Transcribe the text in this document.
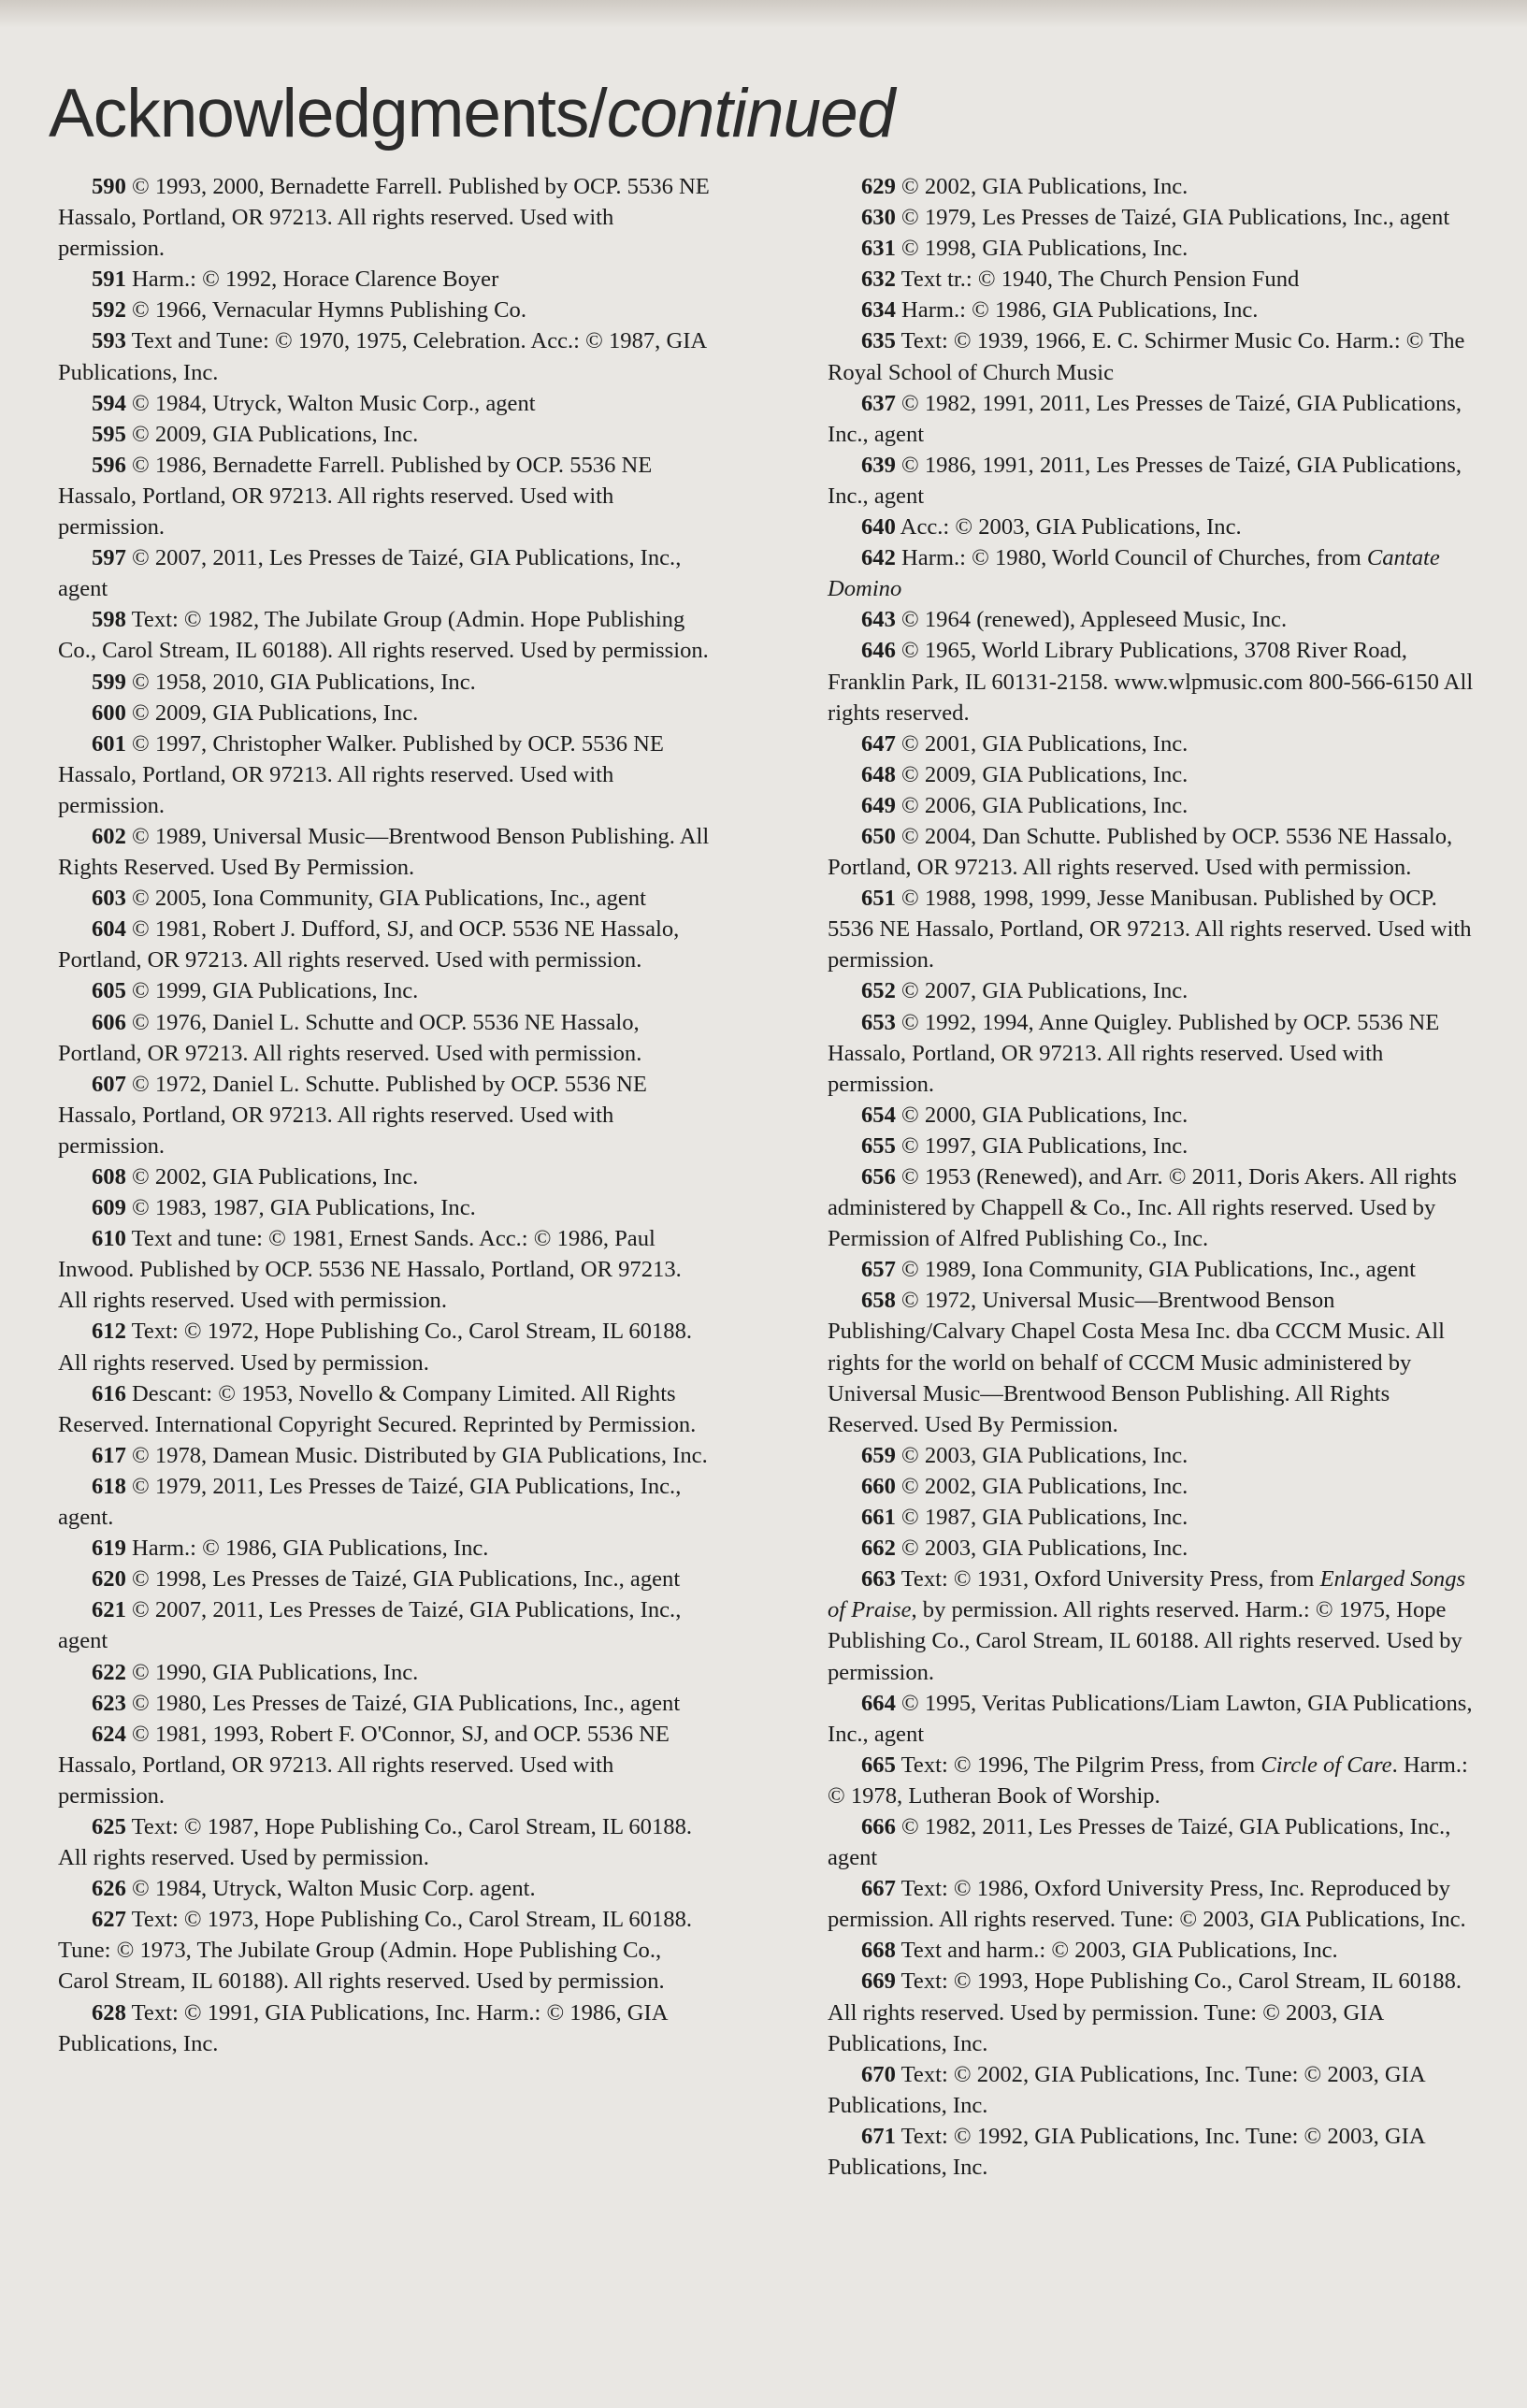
Acknowledgments/continued

590 © 1993, 2000, Bernadette Farrell. Published by OCP. 5536 NE Hassalo, Portland, OR 97213. All rights reserved. Used with permission.

591 Harm.: © 1992, Horace Clarence Boyer

592 © 1966, Vernacular Hymns Publishing Co.

593 Text and Tune: © 1970, 1975, Celebration. Acc.: © 1987, GIA Publications, Inc.

594 © 1984, Utryck, Walton Music Corp., agent

595 © 2009, GIA Publications, Inc.

596 © 1986, Bernadette Farrell. Published by OCP. 5536 NE Hassalo, Portland, OR 97213. All rights reserved. Used with permission.

597 © 2007, 2011, Les Presses de Taizé, GIA Publications, Inc., agent

598 Text: © 1982, The Jubilate Group (Admin. Hope Publishing Co., Carol Stream, IL 60188). All rights reserved. Used by permission.

599 © 1958, 2010, GIA Publications, Inc.

600 © 2009, GIA Publications, Inc.

601 © 1997, Christopher Walker. Published by OCP. 5536 NE Hassalo, Portland, OR 97213. All rights reserved. Used with permission.

602 © 1989, Universal Music—Brentwood Benson Publishing. All Rights Reserved. Used By Permission.

603 © 2005, Iona Community, GIA Publications, Inc., agent

604 © 1981, Robert J. Dufford, SJ, and OCP. 5536 NE Hassalo, Portland, OR 97213. All rights reserved. Used with permission.

605 © 1999, GIA Publications, Inc.

606 © 1976, Daniel L. Schutte and OCP. 5536 NE Hassalo, Portland, OR 97213. All rights reserved. Used with permission.

607 © 1972, Daniel L. Schutte. Published by OCP. 5536 NE Hassalo, Portland, OR 97213. All rights reserved. Used with permission.

608 © 2002, GIA Publications, Inc.

609 © 1983, 1987, GIA Publications, Inc.

610 Text and tune: © 1981, Ernest Sands. Acc.: © 1986, Paul Inwood. Published by OCP. 5536 NE Hassalo, Portland, OR 97213. All rights reserved. Used with permission.

612 Text: © 1972, Hope Publishing Co., Carol Stream, IL 60188. All rights reserved. Used by permission.

616 Descant: © 1953, Novello & Company Limited. All Rights Reserved. International Copyright Secured. Reprinted by Permission.

617 © 1978, Damean Music. Distributed by GIA Publications, Inc.

618 © 1979, 2011, Les Presses de Taizé, GIA Publications, Inc., agent.

619 Harm.: © 1986, GIA Publications, Inc.

620 © 1998, Les Presses de Taizé, GIA Publications, Inc., agent

621 © 2007, 2011, Les Presses de Taizé, GIA Publications, Inc., agent

622 © 1990, GIA Publications, Inc.

623 © 1980, Les Presses de Taizé, GIA Publications, Inc., agent

624 © 1981, 1993, Robert F. O'Connor, SJ, and OCP. 5536 NE Hassalo, Portland, OR 97213. All rights reserved. Used with permission.

625 Text: © 1987, Hope Publishing Co., Carol Stream, IL 60188. All rights reserved. Used by permission.

626 © 1984, Utryck, Walton Music Corp. agent.

627 Text: © 1973, Hope Publishing Co., Carol Stream, IL 60188. Tune: © 1973, The Jubilate Group (Admin. Hope Publishing Co., Carol Stream, IL 60188). All rights reserved. Used by permission.

628 Text: © 1991, GIA Publications, Inc. Harm.: © 1986, GIA Publications, Inc.

629 © 2002, GIA Publications, Inc.

630 © 1979, Les Presses de Taizé, GIA Publications, Inc., agent

631 © 1998, GIA Publications, Inc.

632 Text tr.: © 1940, The Church Pension Fund

634 Harm.: © 1986, GIA Publications, Inc.

635 Text: © 1939, 1966, E. C. Schirmer Music Co. Harm.: © The Royal School of Church Music

637 © 1982, 1991, 2011, Les Presses de Taizé, GIA Publications, Inc., agent

639 © 1986, 1991, 2011, Les Presses de Taizé, GIA Publications, Inc., agent

640 Acc.: © 2003, GIA Publications, Inc.

642 Harm.: © 1980, World Council of Churches, from Cantate Domino

643 © 1964 (renewed), Appleseed Music, Inc.

646 © 1965, World Library Publications, 3708 River Road, Franklin Park, IL 60131-2158. www.wlpmusic.com 800-566-6150 All rights reserved.

647 © 2001, GIA Publications, Inc.

648 © 2009, GIA Publications, Inc.

649 © 2006, GIA Publications, Inc.

650 © 2004, Dan Schutte. Published by OCP. 5536 NE Hassalo, Portland, OR 97213. All rights reserved. Used with permission.

651 © 1988, 1998, 1999, Jesse Manibusan. Published by OCP. 5536 NE Hassalo, Portland, OR 97213. All rights reserved. Used with permission.

652 © 2007, GIA Publications, Inc.

653 © 1992, 1994, Anne Quigley. Published by OCP. 5536 NE Hassalo, Portland, OR 97213. All rights reserved. Used with permission.

654 © 2000, GIA Publications, Inc.

655 © 1997, GIA Publications, Inc.

656 © 1953 (Renewed), and Arr. © 2011, Doris Akers. All rights administered by Chappell & Co., Inc. All rights reserved. Used by Permission of Alfred Publishing Co., Inc.

657 © 1989, Iona Community, GIA Publications, Inc., agent

658 © 1972, Universal Music—Brentwood Benson Publishing/Calvary Chapel Costa Mesa Inc. dba CCCM Music. All rights for the world on behalf of CCCM Music administered by Universal Music—Brentwood Benson Publishing. All Rights Reserved. Used By Permission.

659 © 2003, GIA Publications, Inc.

660 © 2002, GIA Publications, Inc.

661 © 1987, GIA Publications, Inc.

662 © 2003, GIA Publications, Inc.

663 Text: © 1931, Oxford University Press, from Enlarged Songs of Praise, by permission. All rights reserved. Harm.: © 1975, Hope Publishing Co., Carol Stream, IL 60188. All rights reserved. Used by permission.

664 © 1995, Veritas Publications/Liam Lawton, GIA Publications, Inc., agent

665 Text: © 1996, The Pilgrim Press, from Circle of Care. Harm.: © 1978, Lutheran Book of Worship.

666 © 1982, 2011, Les Presses de Taizé, GIA Publications, Inc., agent

667 Text: © 1986, Oxford University Press, Inc. Reproduced by permission. All rights reserved. Tune: © 2003, GIA Publications, Inc.

668 Text and harm.: © 2003, GIA Publications, Inc.

669 Text: © 1993, Hope Publishing Co., Carol Stream, IL 60188. All rights reserved. Used by permission. Tune: © 2003, GIA Publications, Inc.

670 Text: © 2002, GIA Publications, Inc. Tune: © 2003, GIA Publications, Inc.

671 Text: © 1992, GIA Publications, Inc. Tune: © 2003, GIA Publications, Inc.
